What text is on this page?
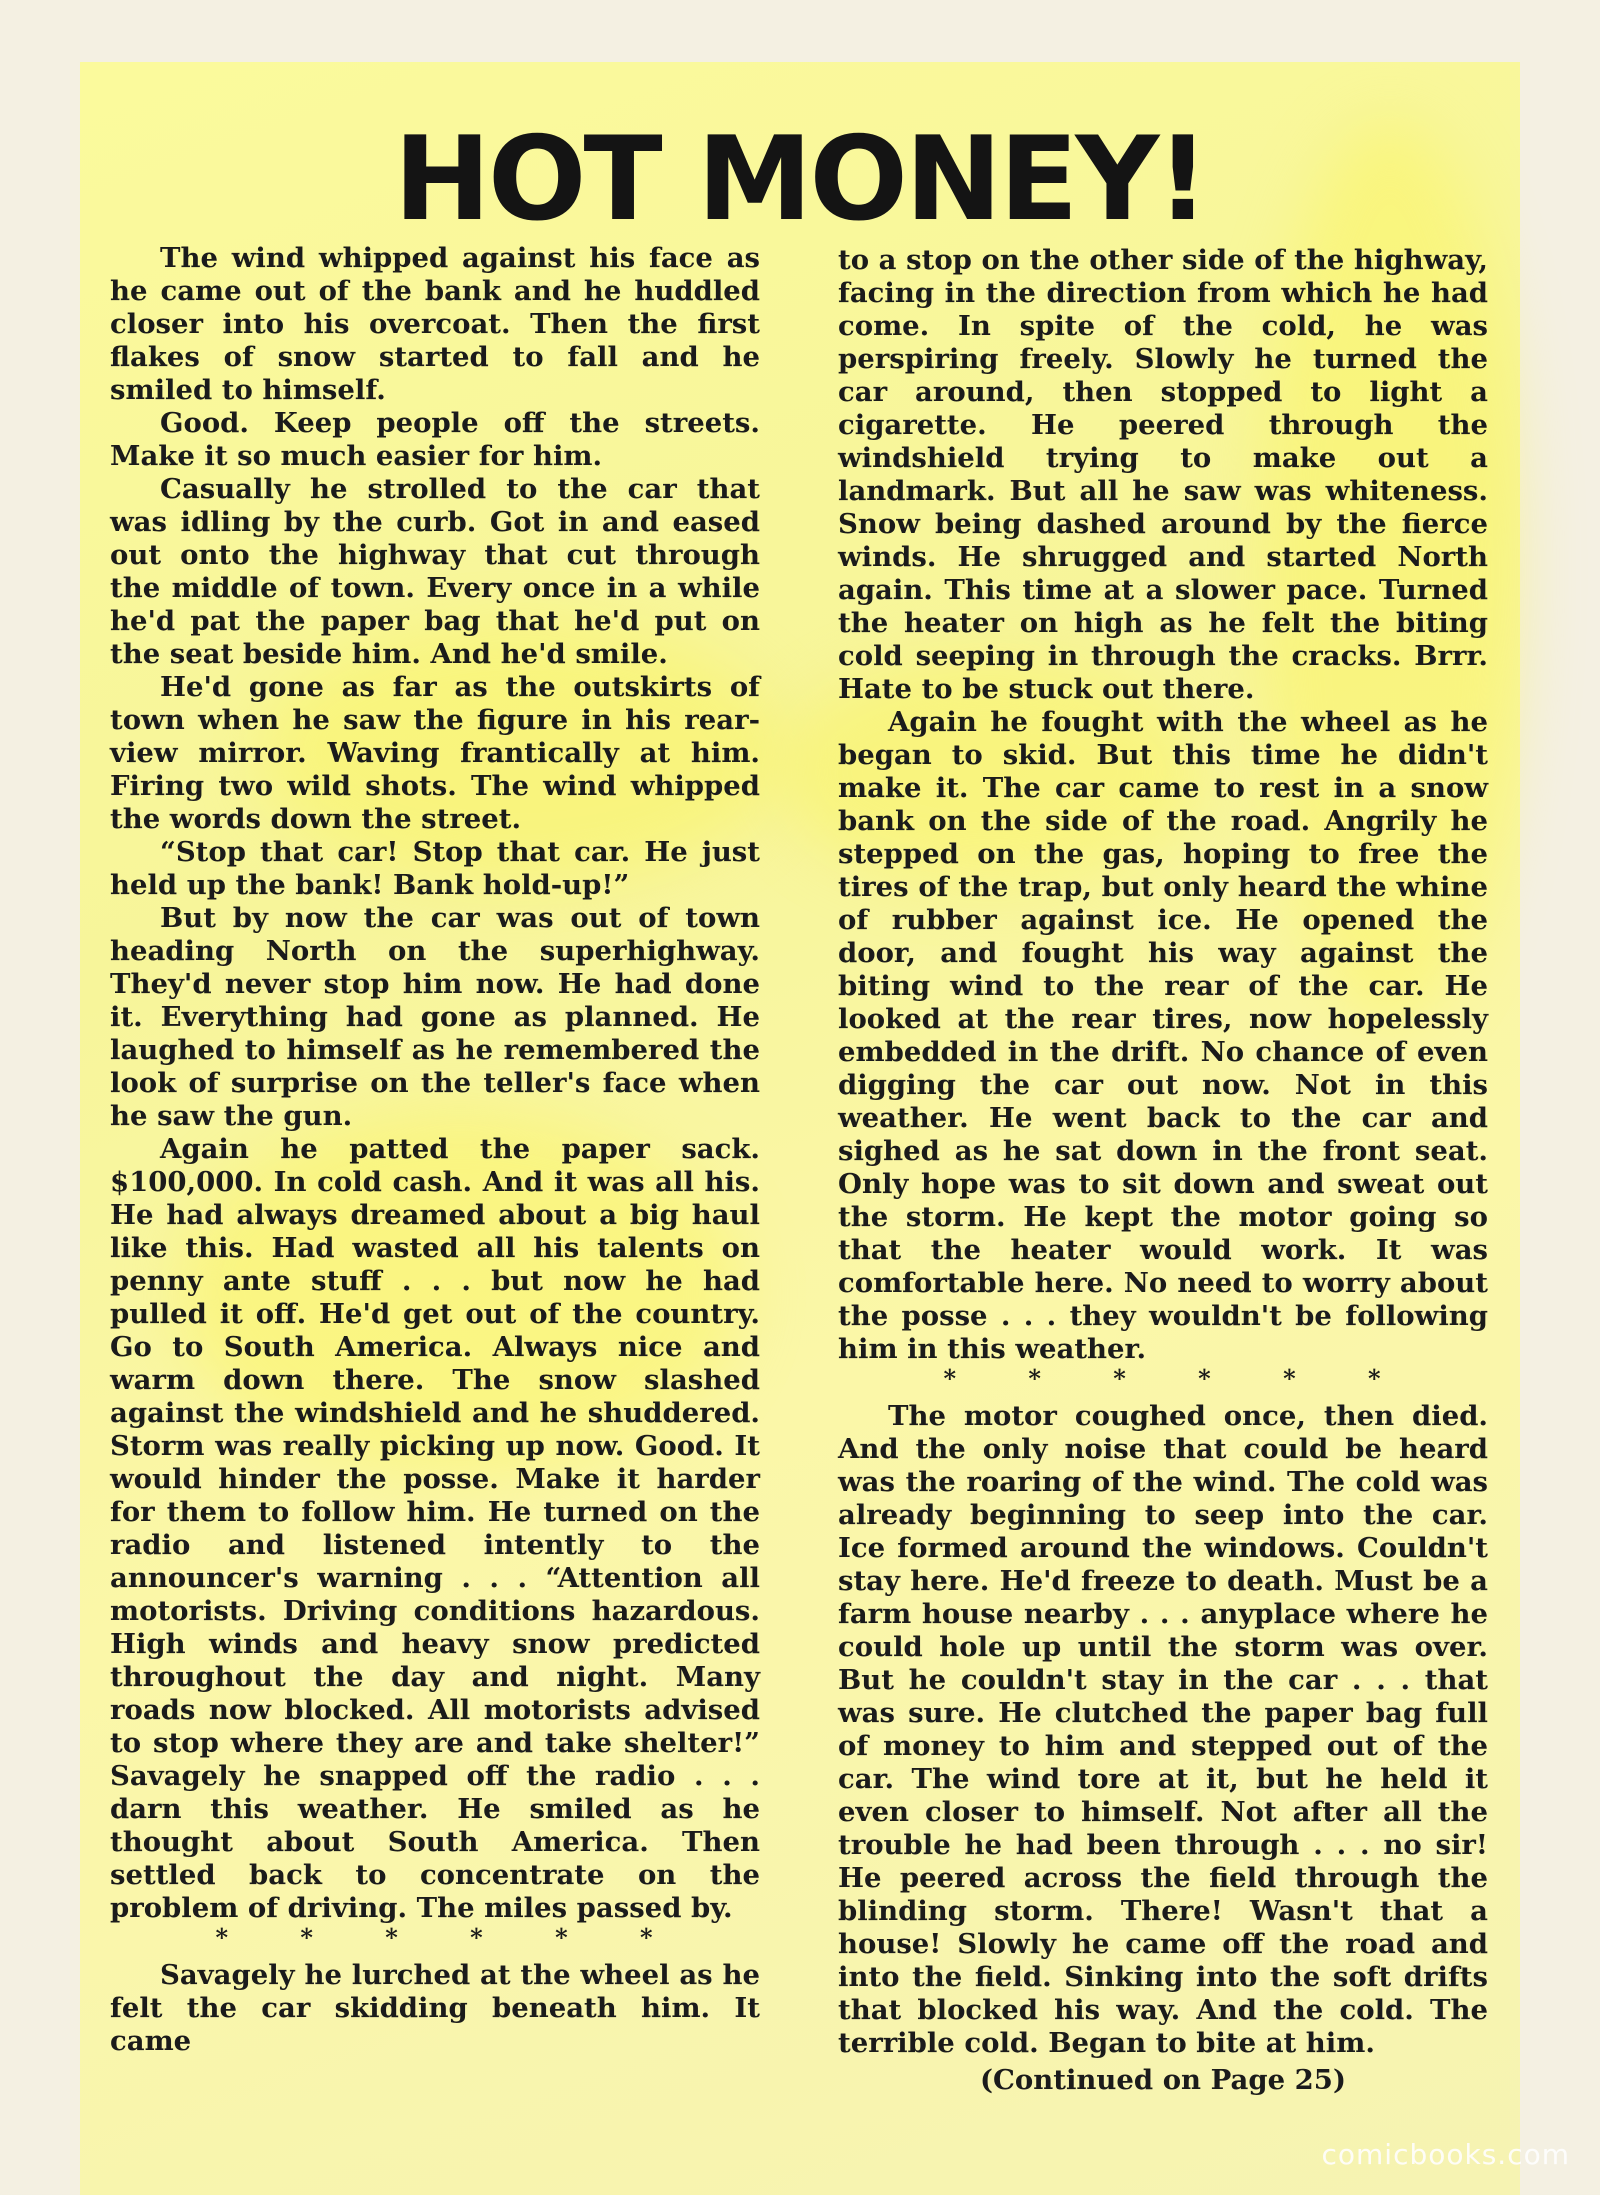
HOT MONEY!

The wind whipped against his face as he came out of the bank and he huddled closer into his overcoat. Then the first flakes of snow started to fall and he smiled to himself.

Good. Keep people off the streets. Make it so much easier for him.

Casually he strolled to the car that was idling by the curb. Got in and eased out onto the highway that cut through the middle of town. Every once in a while he'd pat the paper bag that he'd put on the seat beside him. And he'd smile.

He'd gone as far as the outskirts of town when he saw the figure in his rear-view mirror. Waving frantically at him. Firing two wild shots. The wind whipped the words down the street.

“Stop that car! Stop that car. He just held up the bank! Bank hold-up!”

But by now the car was out of town heading North on the superhighway. They'd never stop him now. He had done it. Everything had gone as planned. He laughed to himself as he remembered the look of surprise on the teller's face when he saw the gun.

Again he patted the paper sack. $100,000. In cold cash. And it was all his. He had always dreamed about a big haul like this. Had wasted all his talents on penny ante stuff . . . but now he had pulled it off. He'd get out of the country. Go to South America. Always nice and warm down there. The snow slashed against the windshield and he shuddered. Storm was really picking up now. Good. It would hinder the posse. Make it harder for them to follow him. He turned on the radio and listened intently to the announcer's warning . . . “Attention all motorists. Driving conditions hazardous. High winds and heavy snow predicted throughout the day and night. Many roads now blocked. All motorists advised to stop where they are and take shelter!” Savagely he snapped off the radio . . . darn this weather. He smiled as he thought about South America. Then settled back to concentrate on the problem of driving. The miles passed by.

* * * * * *

Savagely he lurched at the wheel as he felt the car skidding beneath him. It came

to a stop on the other side of the highway, facing in the direction from which he had come. In spite of the cold, he was perspiring freely. Slowly he turned the car around, then stopped to light a cigarette. He peered through the windshield trying to make out a landmark. But all he saw was whiteness. Snow being dashed around by the fierce winds. He shrugged and started North again. This time at a slower pace. Turned the heater on high as he felt the biting cold seeping in through the cracks. Brrr. Hate to be stuck out there.

Again he fought with the wheel as he began to skid. But this time he didn't make it. The car came to rest in a snow bank on the side of the road. Angrily he stepped on the gas, hoping to free the tires of the trap, but only heard the whine of rubber against ice. He opened the door, and fought his way against the biting wind to the rear of the car. He looked at the rear tires, now hopelessly embedded in the drift. No chance of even digging the car out now. Not in this weather. He went back to the car and sighed as he sat down in the front seat. Only hope was to sit down and sweat out the storm. He kept the motor going so that the heater would work. It was comfortable here. No need to worry about the posse . . . they wouldn't be following him in this weather.

* * * * * *

The motor coughed once, then died. And the only noise that could be heard was the roaring of the wind. The cold was already beginning to seep into the car. Ice formed around the windows. Couldn't stay here. He'd freeze to death. Must be a farm house nearby . . . anyplace where he could hole up until the storm was over. But he couldn't stay in the car . . . that was sure. He clutched the paper bag full of money to him and stepped out of the car. The wind tore at it, but he held it even closer to himself. Not after all the trouble he had been through . . . no sir! He peered across the field through the blinding storm. There! Wasn't that a house! Slowly he came off the road and into the field. Sinking into the soft drifts that blocked his way. And the cold. The terrible cold. Began to bite at him.

(Continued on Page 25)
comicbooks.com
